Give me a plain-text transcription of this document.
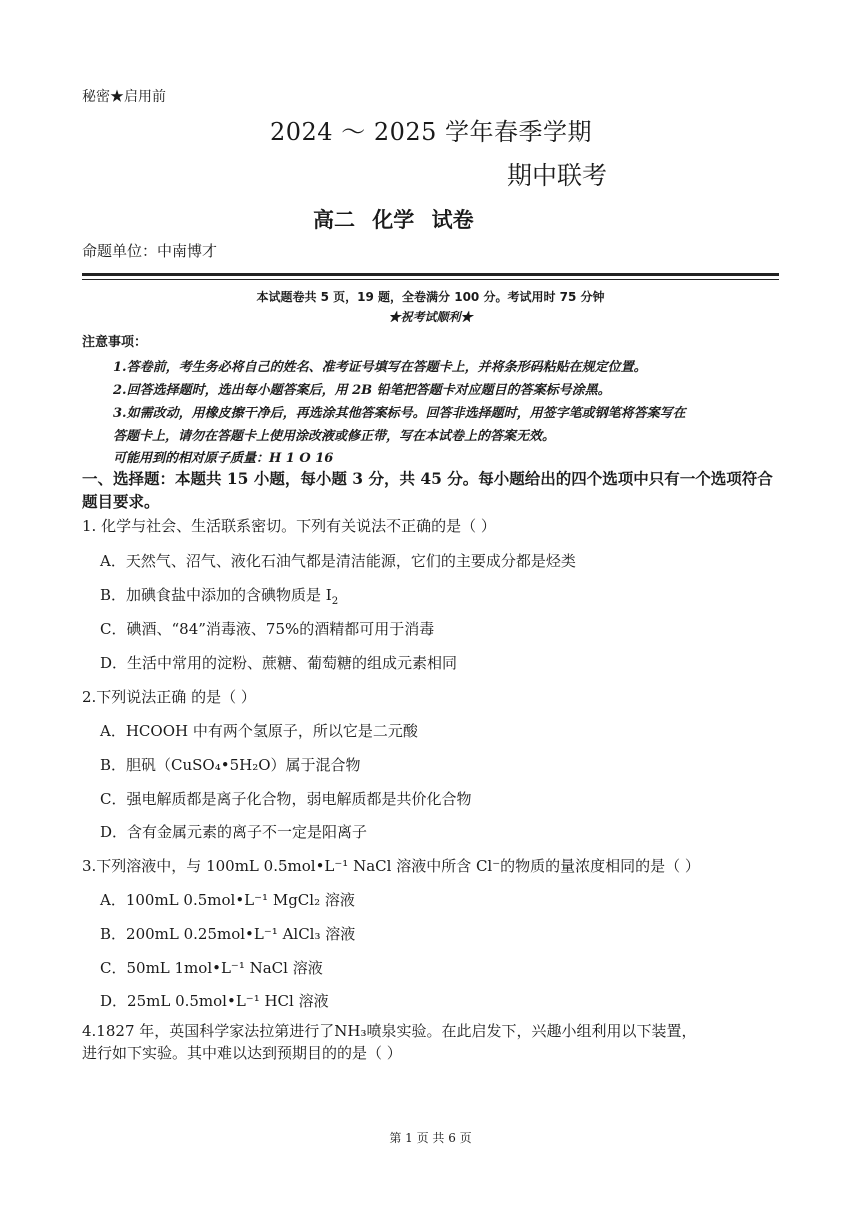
秘密★启用前
2024 ～ 2025 学年春季学期
期中联考
高二 化学 试卷
命题单位：中南博才
本试题卷共 5 页，19 题，全卷满分 100 分。考试用时 75 分钟
★祝考试顺利★
注意事项：
1.答卷前，考生务必将自己的姓名、准考证号填写在答题卡上，并将条形码粘贴在规定位置。
2.回答选择题时，选出每小题答案后，用 2B 铅笔把答题卡对应题目的答案标号涂黑。
3.如需改动，用橡皮擦干净后，再选涂其他答案标号。回答非选择题时，用签字笔或钢笔将答案写在
答题卡上，请勿在答题卡上使用涂改液或修正带，写在本试卷上的答案无效。
可能用到的相对原子质量：H 1 O 16
一、选择题：本题共 15 小题，每小题 3 分，共 45 分。每小题给出的四个选项中只有一个选项符合题目要求。
1. 化学与社会、生活联系密切。下列有关说法不正确的是（ ）
A．天然气、沼气、液化石油气都是清洁能源，它们的主要成分都是烃类
B．加碘食盐中添加的含碘物质是 $I_2$
C．碘酒、“84”消毒液、75%的酒精都可用于消毒
D．生活中常用的淀粉、蔗糖、葡萄糖的组成元素相同
2.下列说法正确 的是（ ）
A．HCOOH 中有两个氢原子，所以它是二元酸
B．胆矾（CuSO₄•5H₂O）属于混合物
C．强电解质都是离子化合物，弱电解质都是共价化合物
D．含有金属元素的离子不一定是阳离子
3.下列溶液中，与 100mL 0.5mol•L⁻¹ NaCl 溶液中所含 Cl⁻的物质的量浓度相同的是（ ）
A．100mL 0.5mol•L⁻¹ MgCl₂ 溶液
B．200mL 0.25mol•L⁻¹ AlCl₃ 溶液
C．50mL 1mol•L⁻¹ NaCl 溶液
D．25mL 0.5mol•L⁻¹ HCl 溶液
4.1827 年，英国科学家法拉第进行了NH₃喷泉实验。在此启发下，兴趣小组利用以下装置，
进行如下实验。其中难以达到预期目的的是（ ）
第 1 页 共 6 页
